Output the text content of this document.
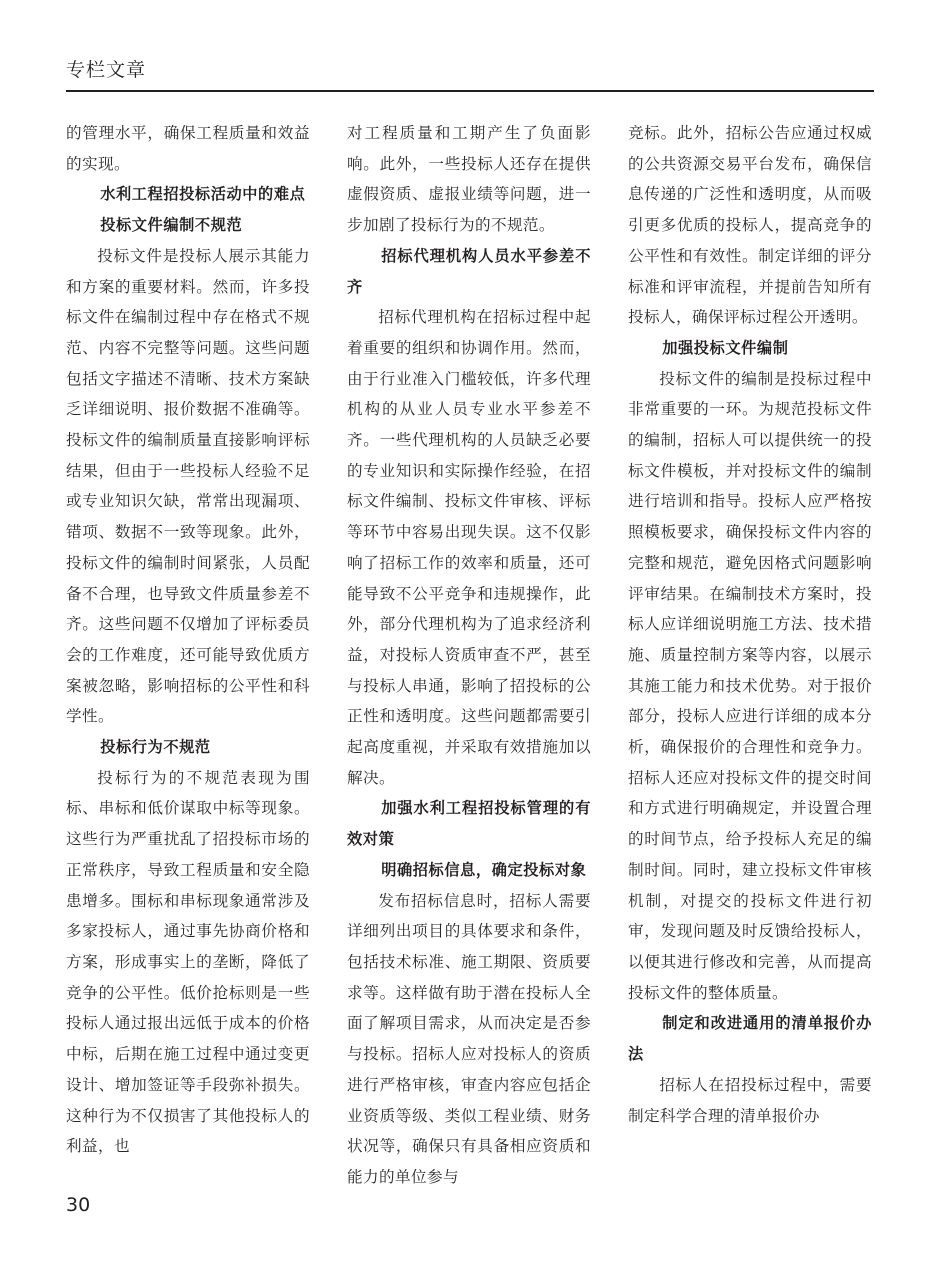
专栏文章

的管理水平，确保工程质量和效益的实现。

水利工程招投标活动中的难点
投标文件编制不规范

投标文件是投标人展示其能力和方案的重要材料。然而，许多投标文件在编制过程中存在格式不规范、内容不完整等问题。这些问题包括文字描述不清晰、技术方案缺乏详细说明、报价数据不准确等。投标文件的编制质量直接影响评标结果，但由于一些投标人经验不足或专业知识欠缺，常常出现漏项、错项、数据不一致等现象。此外，投标文件的编制时间紧张，人员配备不合理，也导致文件质量参差不齐。这些问题不仅增加了评标委员会的工作难度，还可能导致优质方案被忽略，影响招标的公平性和科学性。

投标行为不规范

投标行为的不规范表现为围标、串标和低价谋取中标等现象。这些行为严重扰乱了招投标市场的正常秩序，导致工程质量和安全隐患增多。围标和串标现象通常涉及多家投标人，通过事先协商价格和方案，形成事实上的垄断，降低了竞争的公平性。低价抢标则是一些投标人通过报出远低于成本的价格中标，后期在施工过程中通过变更设计、增加签证等手段弥补损失。这种行为不仅损害了其他投标人的利益，也

对工程质量和工期产生了负面影响。此外，一些投标人还存在提供虚假资质、虚报业绩等问题，进一步加剧了投标行为的不规范。

招标代理机构人员水平参差不齐

招标代理机构在招标过程中起着重要的组织和协调作用。然而，由于行业准入门槛较低，许多代理机构的从业人员专业水平参差不齐。一些代理机构的人员缺乏必要的专业知识和实际操作经验，在招标文件编制、投标文件审核、评标等环节中容易出现失误。这不仅影响了招标工作的效率和质量，还可能导致不公平竞争和违规操作，此外，部分代理机构为了追求经济利益，对投标人资质审查不严，甚至与投标人串通，影响了招投标的公正性和透明度。这些问题都需要引起高度重视，并采取有效措施加以解决。

加强水利工程招投标管理的有效对策
明确招标信息，确定投标对象

发布招标信息时，招标人需要详细列出项目的具体要求和条件，包括技术标准、施工期限、资质要求等。这样做有助于潜在投标人全面了解项目需求，从而决定是否参与投标。招标人应对投标人的资质进行严格审核，审查内容应包括企业资质等级、类似工程业绩、财务状况等，确保只有具备相应资质和能力的单位参与

竞标。此外，招标公告应通过权威的公共资源交易平台发布，确保信息传递的广泛性和透明度，从而吸引更多优质的投标人，提高竞争的公平性和有效性。制定详细的评分标准和评审流程，并提前告知所有投标人，确保评标过程公开透明。

加强投标文件编制

投标文件的编制是投标过程中非常重要的一环。为规范投标文件的编制，招标人可以提供统一的投标文件模板，并对投标文件的编制进行培训和指导。投标人应严格按照模板要求，确保投标文件内容的完整和规范，避免因格式问题影响评审结果。在编制技术方案时，投标人应详细说明施工方法、技术措施、质量控制方案等内容，以展示其施工能力和技术优势。对于报价部分，投标人应进行详细的成本分析，确保报价的合理性和竞争力。招标人还应对投标文件的提交时间和方式进行明确规定，并设置合理的时间节点，给予投标人充足的编制时间。同时，建立投标文件审核机制，对提交的投标文件进行初审，发现问题及时反馈给投标人，以便其进行修改和完善，从而提高投标文件的整体质量。

制定和改进通用的清单报价办法

招标人在招投标过程中，需要制定科学合理的清单报价办

30
